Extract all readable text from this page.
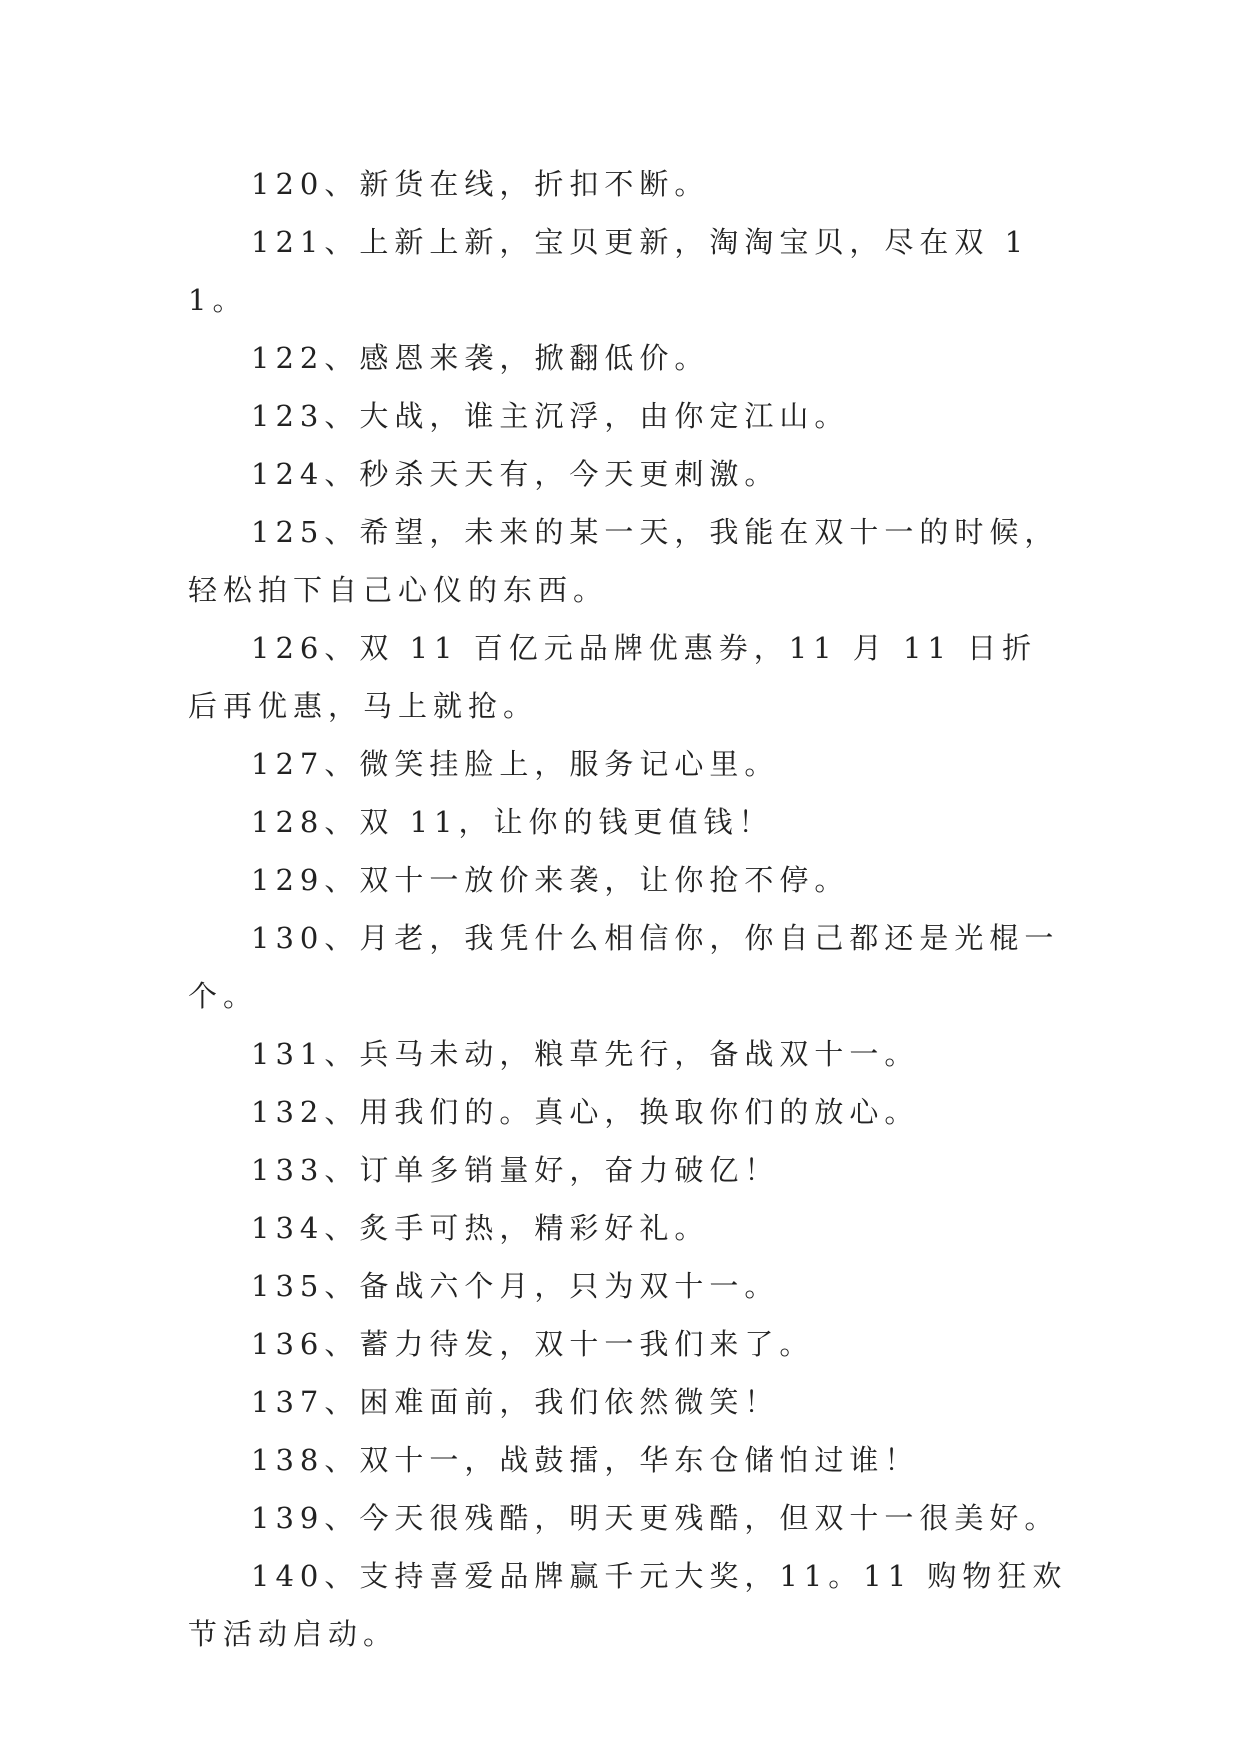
120、新货在线，折扣不断。

121、上新上新，宝贝更新，淘淘宝贝，尽在双 11。

122、感恩来袭，掀翻低价。

123、大战，谁主沉浮，由你定江山。

124、秒杀天天有，今天更刺激。

125、希望，未来的某一天，我能在双十一的时候，轻松拍下自己心仪的东西。

126、双 11 百亿元品牌优惠券，11 月 11 日折后再优惠，马上就抢。

127、微笑挂脸上，服务记心里。

128、双 11，让你的钱更值钱！

129、双十一放价来袭，让你抢不停。

130、月老，我凭什么相信你，你自己都还是光棍一个。

131、兵马未动，粮草先行，备战双十一。

132、用我们的。真心，换取你们的放心。

133、订单多销量好，奋力破亿！

134、炙手可热，精彩好礼。

135、备战六个月，只为双十一。

136、蓄力待发，双十一我们来了。

137、困难面前，我们依然微笑！

138、双十一，战鼓擂，华东仓储怕过谁！

139、今天很残酷，明天更残酷，但双十一很美好。

140、支持喜爱品牌赢千元大奖，11。11 购物狂欢节活动启动。
